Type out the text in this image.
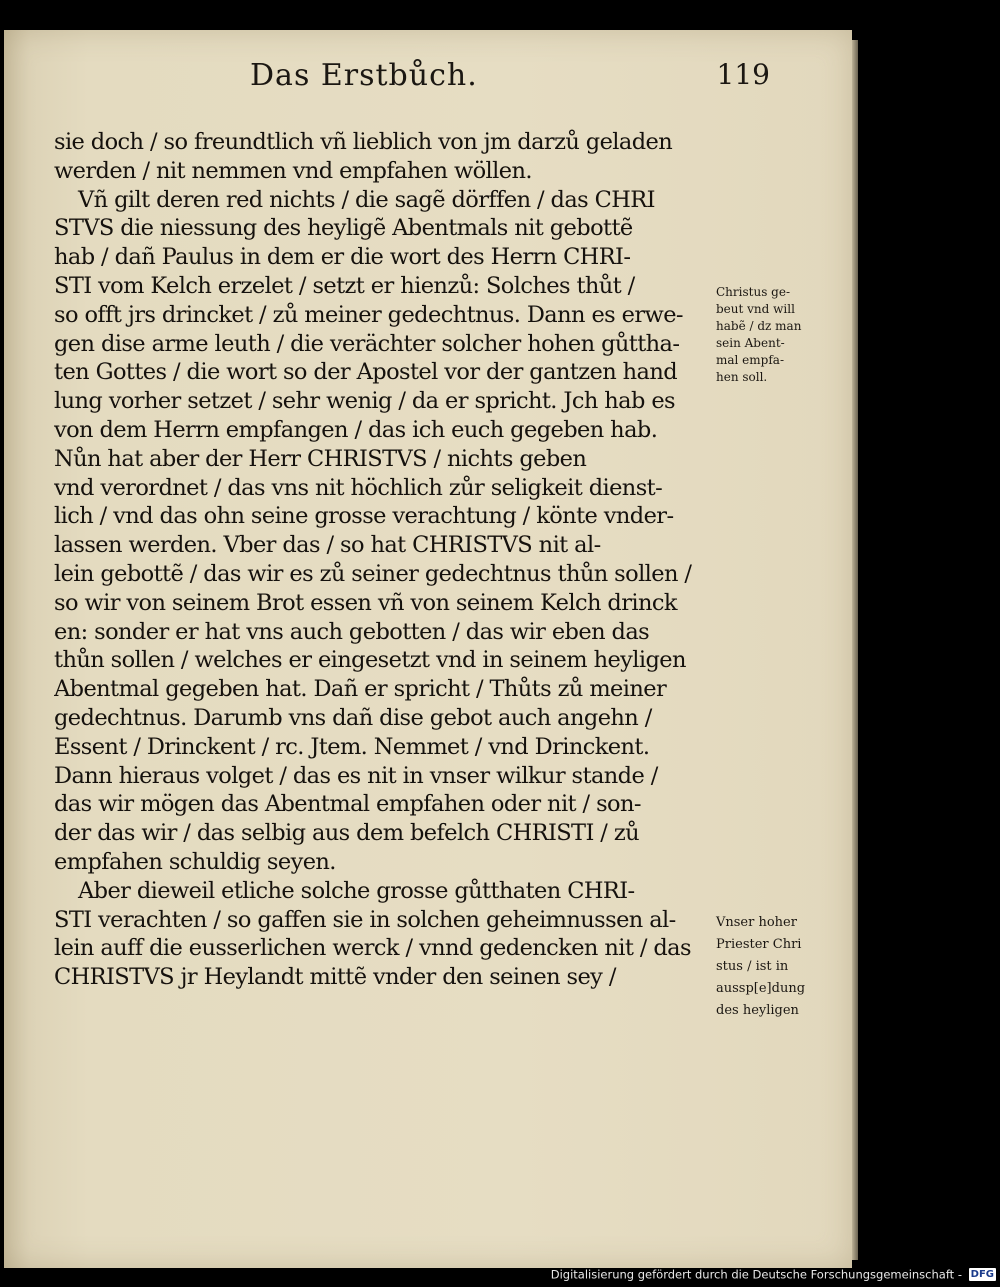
Das Erstbůch.	119
sie doch / so freundtlich vñ lieblich von jm darzů geladen
werden / nit nemmen vnd empfahen wöllen.
Vñ gilt deren red nichts / die sagẽ dörffen / das CHRI
STVS die niessung des heyligẽ Abentmals nit gebottẽ
hab / dañ Paulus in dem er die wort des Herrn CHRI-
STI vom Kelch erzelet / setzt er hienzů: Solches thůt /
so offt jrs drincket / zů meiner gedechtnus. Dann es erwe-
gen dise arme leuth / die verächter solcher hohen gůttha-
ten Gottes / die wort so der Apostel vor der gantzen hand
lung vorher setzet / sehr wenig / da er spricht. Jch hab es
von dem Herrn empfangen / das ich euch gegeben hab.
Nůn hat aber der Herr CHRISTVS / nichts geben
vnd verordnet / das vns nit höchlich zůr seligkeit dienst-
lich / vnd das ohn seine grosse verachtung / könte vnder-
lassen werden. Vber das / so hat CHRISTVS nit al-
lein gebottẽ / das wir es zů seiner gedechtnus thůn sollen /
so wir von seinem Brot essen vñ von seinem Kelch drinck
en: sonder er hat vns auch gebotten / das wir eben das
thůn sollen / welches er eingesetzt vnd in seinem heyligen
Abentmal gegeben hat. Dañ er spricht / Thůts zů meiner
gedechtnus. Darumb vns dañ dise gebot auch angehn /
Essent / Drinckent / rc. Jtem. Nemmet / vnd Drinckent.
Dann hieraus volget / das es nit in vnser wilkur stande /
das wir mögen das Abentmal empfahen oder nit / son-
der das wir / das selbig aus dem befelch CHRISTI / zů
empfahen schuldig seyen.
Aber dieweil etliche solche grosse gůtthaten CHRI-
STI verachten / so gaffen sie in solchen geheimnussen al-
lein auff die eusserlichen werck / vnnd gedencken nit / das
CHRISTVS jr Heylandt mittẽ vnder den seinen sey /
Christus ge-
beut vnd will
habẽ / dz man
sein Abent-
mal empfa-
hen soll.
Vnser hoher
Priester Chri
stus / ist in
aussp[e]dung
des heyligen
Digitalisierung gefördert durch die Deutsche Forschungsgemeinschaft - DFG
